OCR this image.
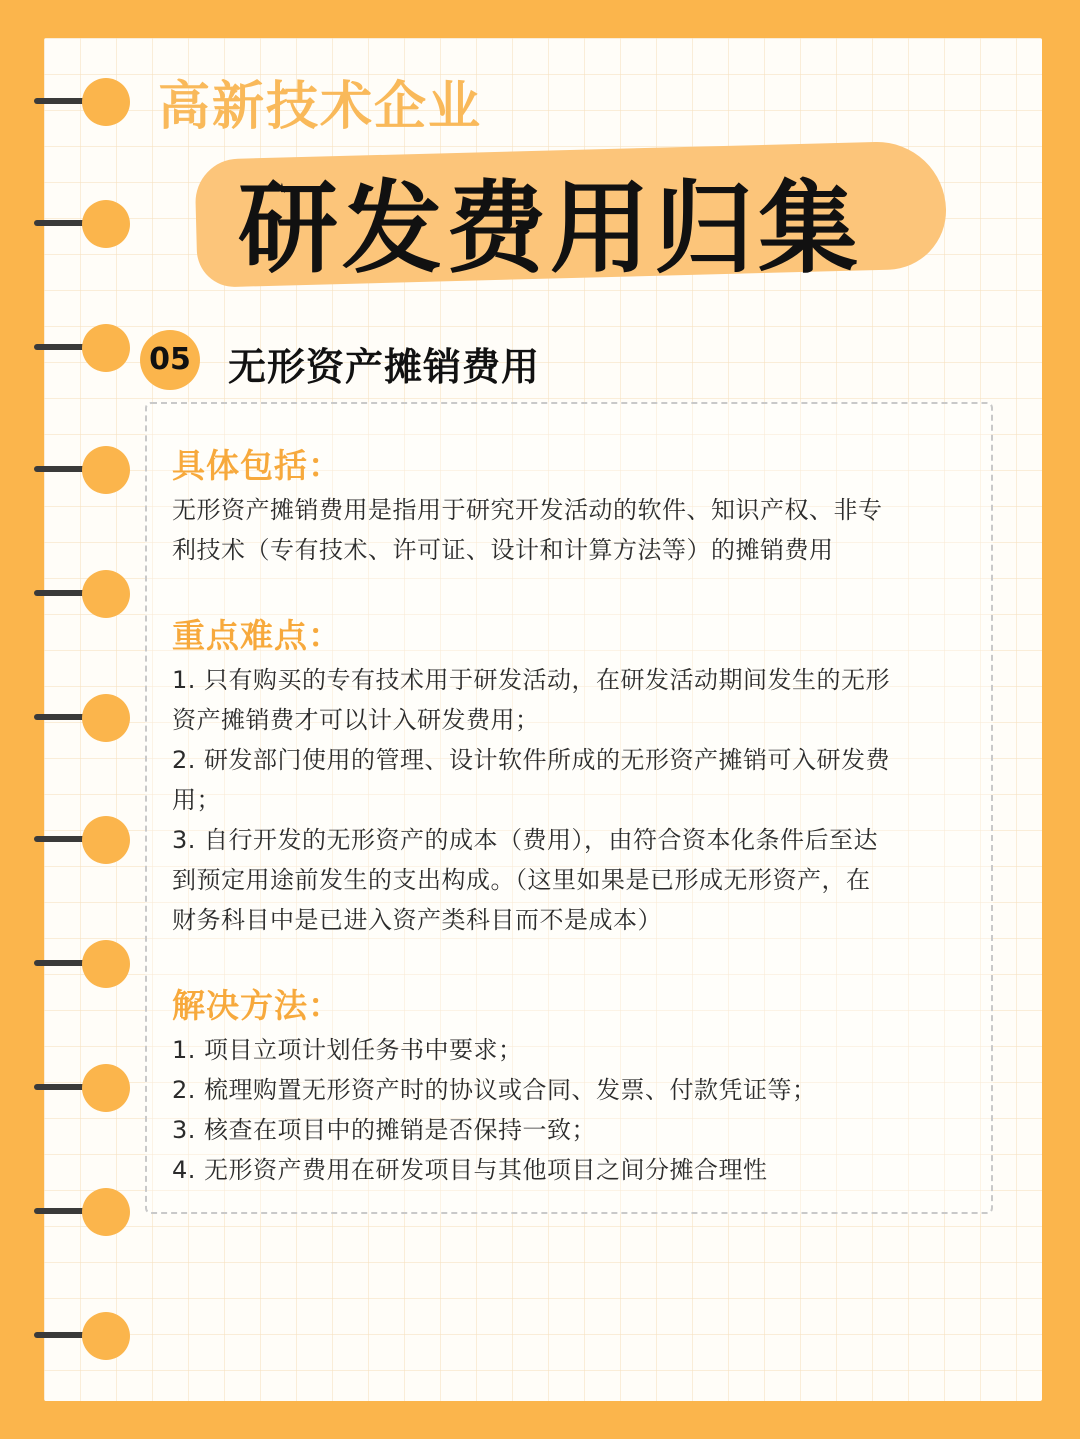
高新技术企业
研发费用归集
05 无形资产摊销费用
具体包括：
无形资产摊销费用是指用于研究开发活动的软件、知识产权、非专
利技术（专有技术、许可证、设计和计算方法等）的摊销费用
重点难点：
1. 只有购买的专有技术用于研发活动，在研发活动期间发生的无形
资产摊销费才可以计入研发费用；
2. 研发部门使用的管理、设计软件所成的无形资产摊销可入研发费
用；
3. 自行开发的无形资产的成本（费用），由符合资本化条件后至达
到预定用途前发生的支出构成。（这里如果是已形成无形资产，在
财务科目中是已进入资产类科目而不是成本）
解决方法：
1. 项目立项计划任务书中要求；
2. 梳理购置无形资产时的协议或合同、发票、付款凭证等；
3. 核查在项目中的摊销是否保持一致；
4. 无形资产费用在研发项目与其他项目之间分摊合理性
